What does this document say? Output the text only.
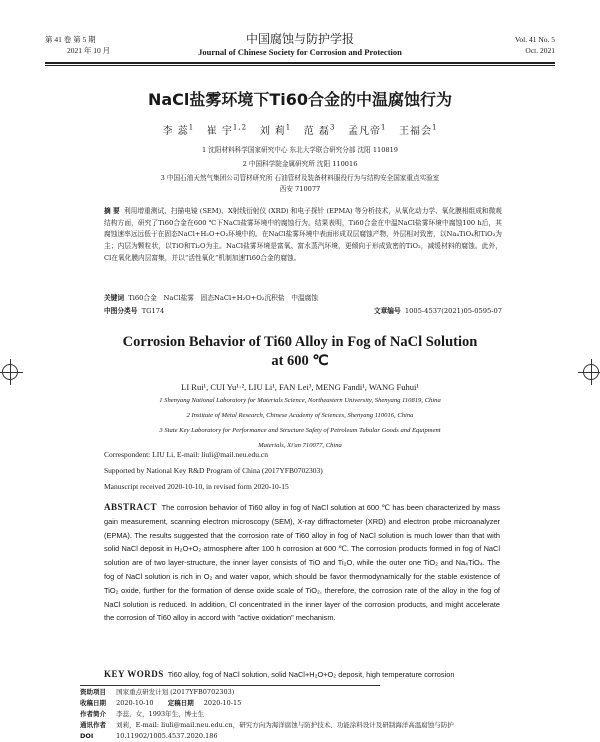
第 41 卷 第 5 期
2021 年 10 月
中国腐蚀与防护学报
Journal of Chinese Society for Corrosion and Protection
Vol. 41 No. 5
Oct. 2021
NaCl盐雾环境下Ti60合金的中温腐蚀行为
李 蕊$^1$ 崔 宇$^{1,2}$ 刘 莉$^1$ 范 磊$^3$ 孟凡帝$^1$ 王福会$^1$
1 沈阳材料科学国家研究中心 东北大学联合研究分部 沈阳 110819
2 中国科学院金属研究所 沈阳 110016
3 中国石油天然气集团公司管材研究所 石油管材及装备材料服役行为与结构安全国家重点实验室
西安 710077
摘 要 利用增重测试、扫描电镜 (SEM)、X射线衍射仪 (XRD) 和电子探针 (EPMA) 等分析技术，从氧化动力学、氧化膜相组成和微观结构方面，研究了Ti60合金在600 ℃下NaCl盐雾环境中的腐蚀行为。结果表明，Ti60合金在中温NaCl盐雾环境中腐蚀100 h后，其腐蚀速率远远低于在固态NaCl+H₂O+O₂环境中的。在NaCl盐雾环境中表面形成双层腐蚀产物，外层相对致密，以Na₄TiO₄和TiO₂为主；内层为颗粒状，以TiO和Ti₂O为主。NaCl盐雾环境是富氧、富水蒸汽环境，更倾向于形成致密的TiO₂，减缓材料的腐蚀。此外，Cl在氧化膜内层富集，并以“活性氧化”机制加速Ti60合金的腐蚀。
关键词 Ti60合金　NaCl盐雾　固态NaCl+H₂O+O₂沉积盐　中温腐蚀
中图分类号 TG174	文章编号 1005-4537(2021)05-0595-07
Corrosion Behavior of Ti60 Alloy in Fog of NaCl Solution
at 600 ℃
LI Rui¹, CUI Yu¹·², LIU Li¹, FAN Lei³, MENG Fandi¹, WANG Fuhui¹
1 Shenyang National Laboratory for Materials Science, Northeastern University, Shenyang 110819, China
2 Institute of Metal Research, Chinese Academy of Sciences, Shenyang 110016, China
3 State Key Laboratory for Performance and Structure Safety of Petroleum Tubular Goods and Equipment
Materials, Xi'an 710077, China
Correspondent: LIU Li, E-mail: liuli@mail.neu.edu.cn
Supported by National Key R&D Program of China (2017YFB0702303)
Manuscript received 2020-10-10, in revised form 2020-10-15
ABSTRACT The corrosion behavior of Ti60 alloy in fog of NaCl solution at 600 ℃ has been characterized by mass gain measurement, scanning electron microscopy (SEM), X-ray diffractometer (XRD) and electron probe microanalyzer (EPMA). The results suggested that the corrosion rate of Ti60 alloy in fog of NaCl solution is much lower than that with solid NaCl deposit in H₂O+O₂ atmosphere after 100 h corrosion at 600 ℃. The corrosion products formed in fog of NaCl solution are of two layer-structure, the inner layer consists of TiO and Ti₂O, while the outer one TiO₂ and Na₄TiO₄. The fog of NaCl solution is rich in O₂ and water vapor, which should be favor thermodynamically for the stable existence of TiO₂ oxide, further for the formation of dense oxide scale of TiO₂, therefore, the corrosion rate of the alloy in the fog of NaCl solution is reduced. In addition, Cl concentrated in the inner layer of the corrosion products, and might accelerate the corrosion of Ti60 alloy in accord with "active oxidation" mechanism.
KEY WORDS Ti60 alloy, fog of NaCl solution, solid NaCl+H₂O+O₂ deposit, high temperature corrosion
资助项目 国家重点研发计划 (2017YFB0702303)
收稿日期 2020-10-10 定稿日期 2020-10-15
作者简介 李蕊，女，1993年生，博士生
通讯作者 刘莉，E-mail: liuli@mail.neu.edu.cn，研究方向为海洋腐蚀与防护技术、功能涂料设计及研制海洋高温腐蚀与防护
DOI	10.11902/1005.4537.2020.186
